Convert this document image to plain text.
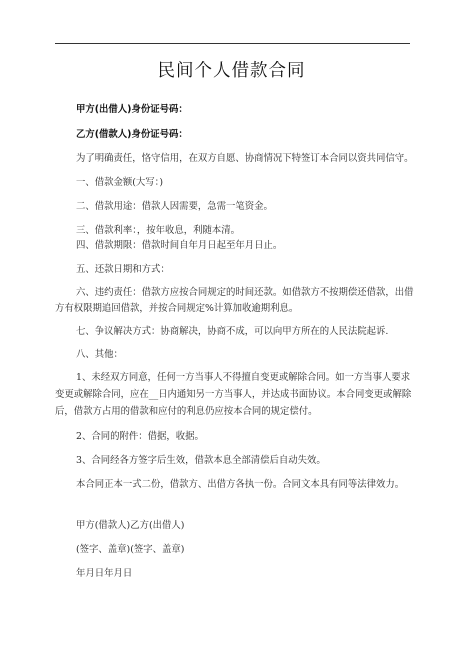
民间个人借款合同
甲方(出借人)身份证号码：
乙方(借款人)身份证号码：
为了明确责任，恪守信用，在双方自愿、协商情况下特签订本合同以资共同信守。
一、借款金额(大写：)
二、借款用途：借款人因需要，急需一笔资金。
三、借款利率：，按年收息，利随本清。
四、借款期限：借款时间自年月日起至年月日止。
五、还款日期和方式：
六、违约责任：借款方应按合同规定的时间还款。如借款方不按期偿还借款，出借
方有权限期追回借款，并按合同规定%计算加收逾期利息。
七、争议解决方式：协商解决，协商不成，可以向甲方所在的人民法院起诉.
八、其他：
1、未经双方同意，任何一方当事人不得擅自变更或解除合同。如一方当事人要求
变更或解除合同，应在__日内通知另一方当事人，并达成书面协议。本合同变更或解除
后，借款方占用的借款和应付的利息仍应按本合同的规定偿付。
2、合同的附件：借据，收据。
3、合同经各方签字后生效，借款本息全部清偿后自动失效。
本合同正本一式二份，借款方、出借方各执一份。合同文本具有同等法律效力。
甲方(借款人)乙方(出借人)
(签字、盖章)(签字、盖章)
年月日年月日
